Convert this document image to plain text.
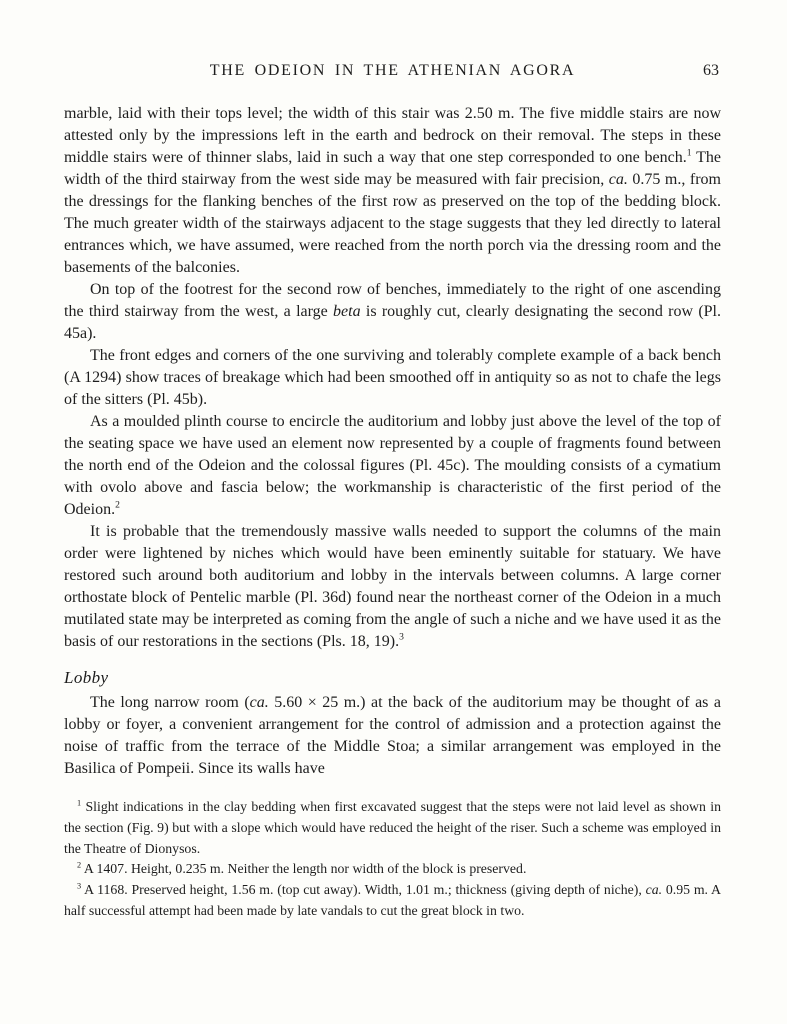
THE ODEION IN THE ATHENIAN AGORA	63

marble, laid with their tops level; the width of this stair was 2.50 m. The five middle stairs are now attested only by the impressions left in the earth and bedrock on their removal. The steps in these middle stairs were of thinner slabs, laid in such a way that one step corresponded to one bench.$^1$ The width of the third stairway from the west side may be measured with fair precision, ca. 0.75 m., from the dressings for the flanking benches of the first row as preserved on the top of the bedding block. The much greater width of the stairways adjacent to the stage suggests that they led directly to lateral entrances which, we have assumed, were reached from the north porch via the dressing room and the basements of the balconies.

On top of the footrest for the second row of benches, immediately to the right of one ascending the third stairway from the west, a large beta is roughly cut, clearly designating the second row (Pl. 45a).

The front edges and corners of the one surviving and tolerably complete example of a back bench (A 1294) show traces of breakage which had been smoothed off in antiquity so as not to chafe the legs of the sitters (Pl. 45b).

As a moulded plinth course to encircle the auditorium and lobby just above the level of the top of the seating space we have used an element now represented by a couple of fragments found between the north end of the Odeion and the colossal figures (Pl. 45c). The moulding consists of a cymatium with ovolo above and fascia below; the workmanship is characteristic of the first period of the Odeion.$^2$

It is probable that the tremendously massive walls needed to support the columns of the main order were lightened by niches which would have been eminently suitable for statuary. We have restored such around both auditorium and lobby in the intervals between columns. A large corner orthostate block of Pentelic marble (Pl. 36d) found near the northeast corner of the Odeion in a much mutilated state may be interpreted as coming from the angle of such a niche and we have used it as the basis of our restorations in the sections (Pls. 18, 19).$^3$

Lobby

The long narrow room (ca. 5.60 × 25 m.) at the back of the auditorium may be thought of as a lobby or foyer, a convenient arrangement for the control of admission and a protection against the noise of traffic from the terrace of the Middle Stoa; a similar arrangement was employed in the Basilica of Pompeii. Since its walls have

$^1$ Slight indications in the clay bedding when first excavated suggest that the steps were not laid level as shown in the section (Fig. 9) but with a slope which would have reduced the height of the riser. Such a scheme was employed in the Theatre of Dionysos.

$^2$ A 1407. Height, 0.235 m. Neither the length nor width of the block is preserved.

$^3$ A 1168. Preserved height, 1.56 m. (top cut away). Width, 1.01 m.; thickness (giving depth of niche), ca. 0.95 m. A half successful attempt had been made by late vandals to cut the great block in two.
